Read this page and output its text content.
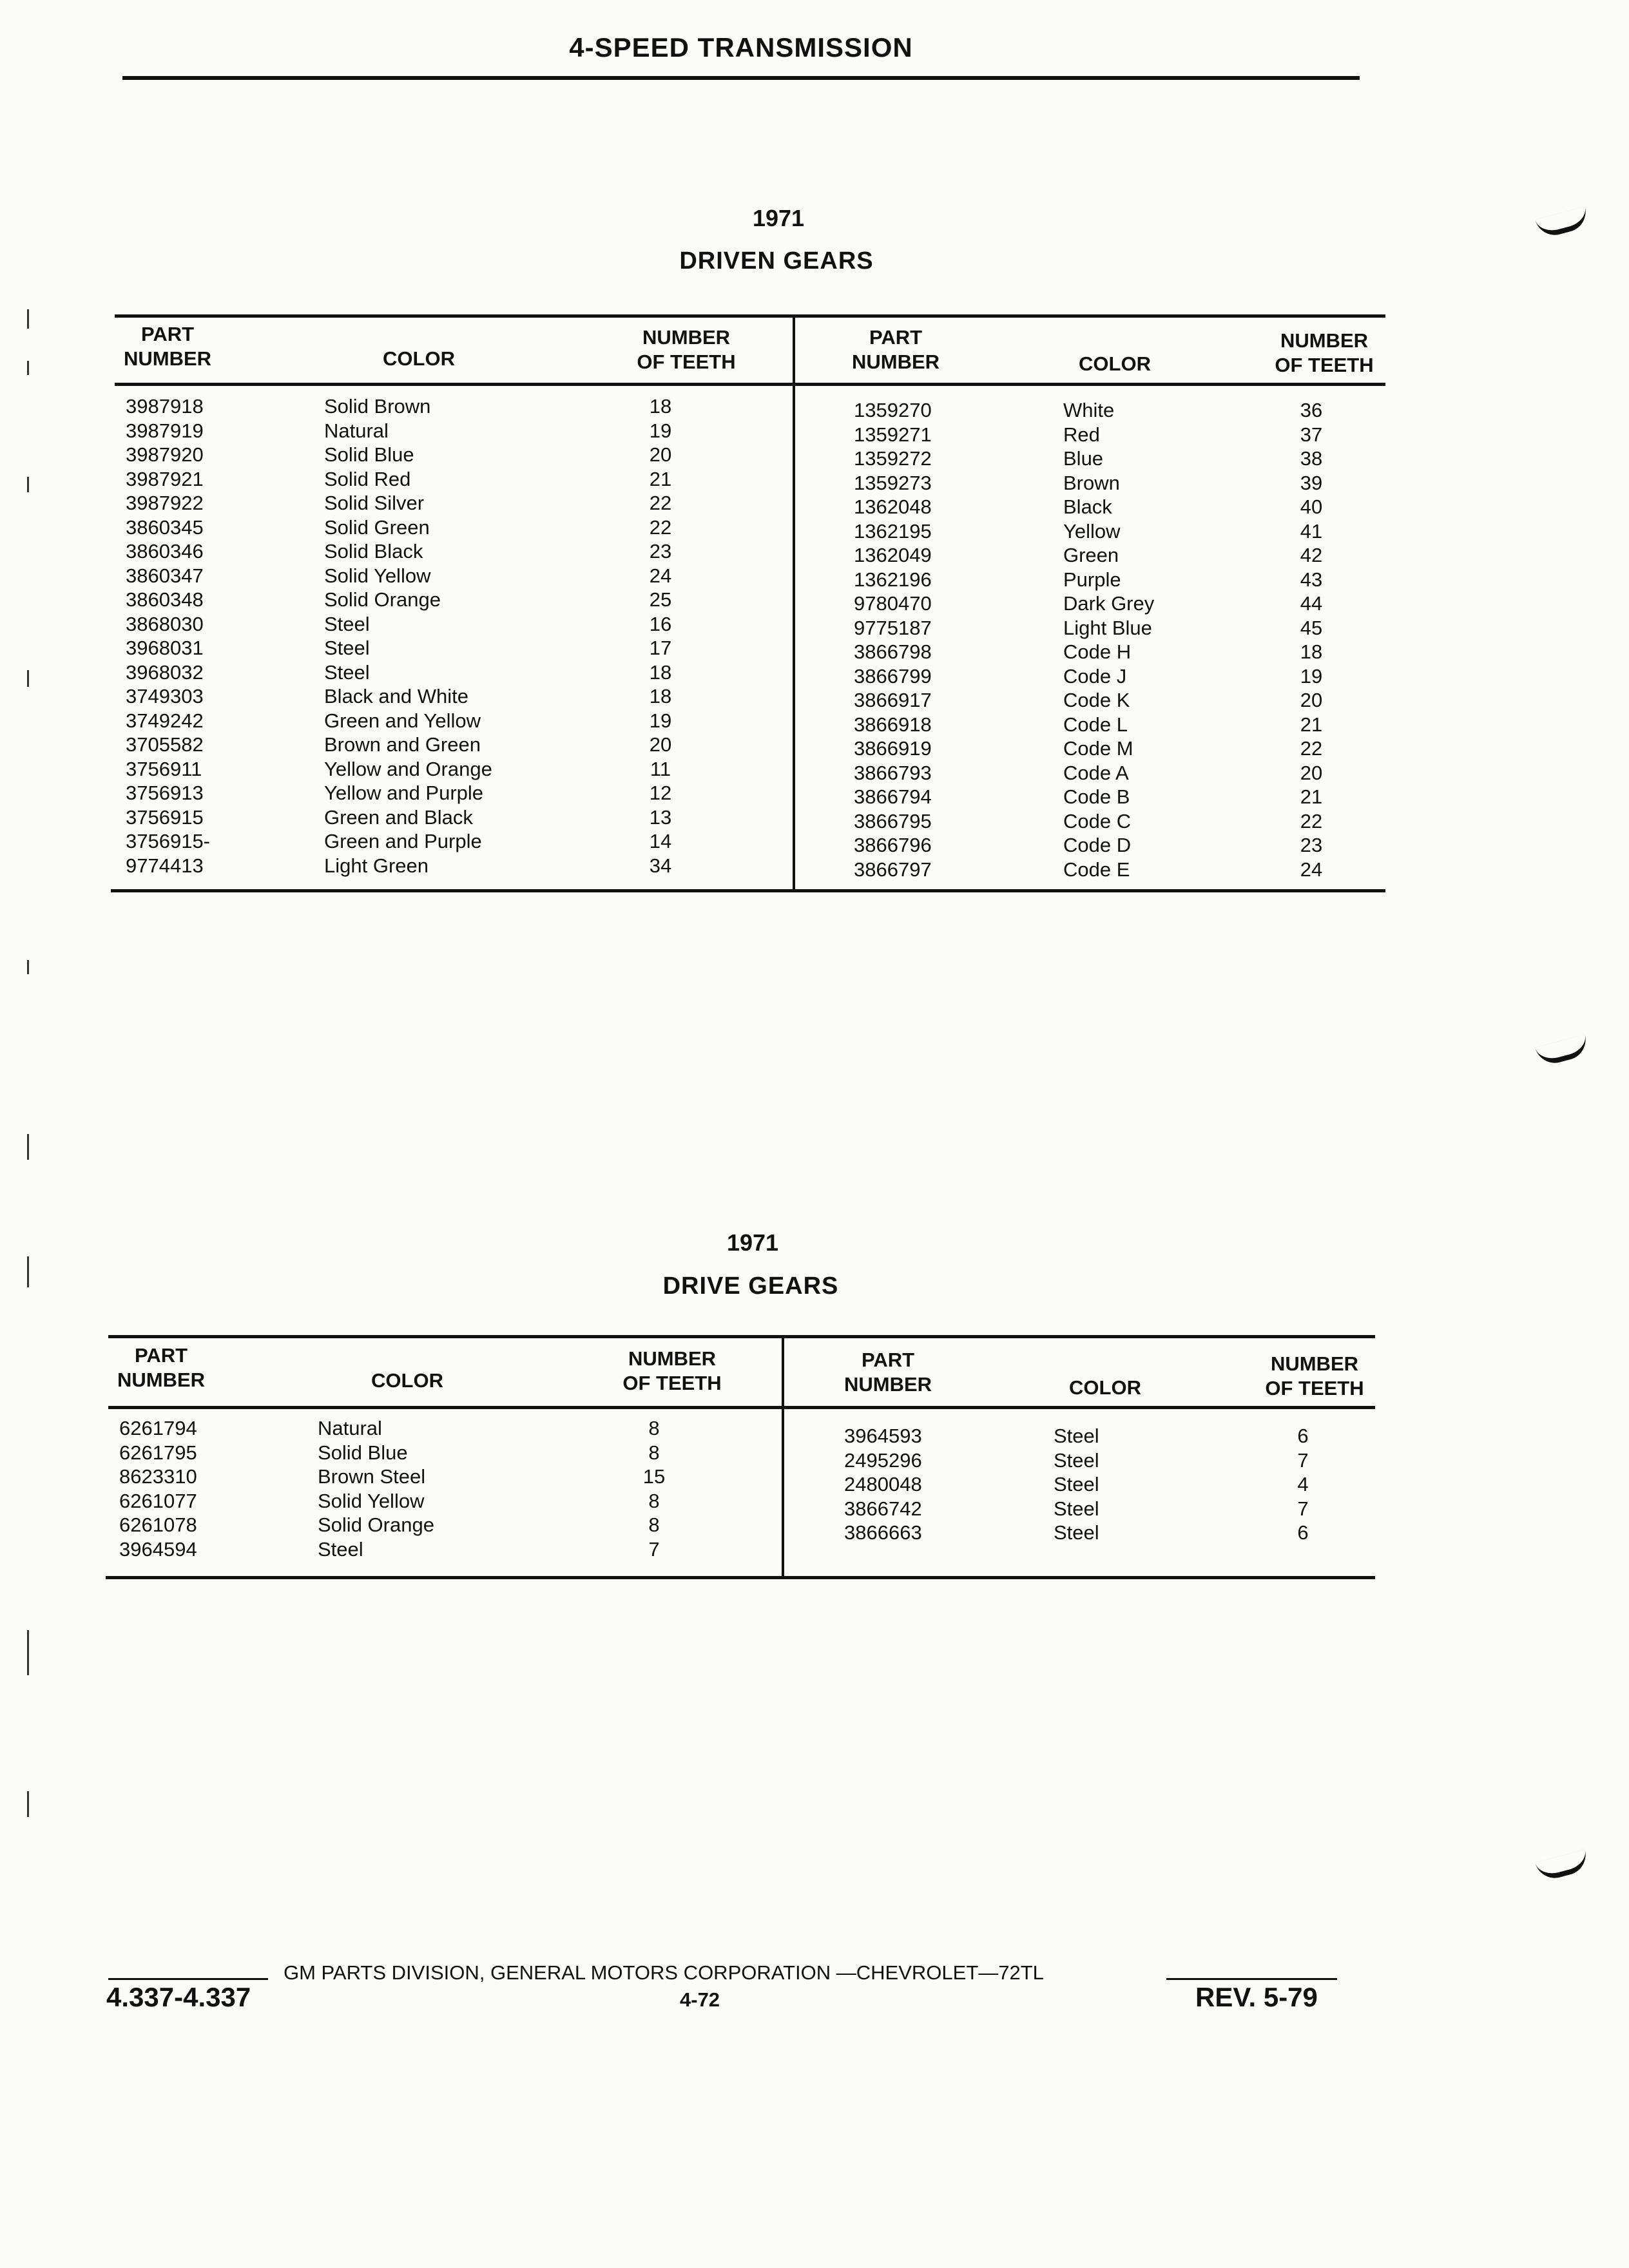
4-SPEED TRANSMISSION
1971
DRIVEN GEARS
PART
NUMBER	COLOR
NUMBER
OF TEETH
PART
NUMBER	COLOR
NUMBER
OF TEETH
3987918	Solid Brown	18
3987919	Natural	19
3987920	Solid Blue	20
3987921	Solid Red	21
3987922	Solid Silver	22
3860345	Solid Green	22
3860346	Solid Black	23
3860347	Solid Yellow	24
3860348	Solid Orange	25
3868030	Steel	16
3968031	Steel	17
3968032	Steel	18
3749303	Black and White	18
3749242	Green and Yellow	19
3705582	Brown and Green	20
3756911	Yellow and Orange	11
3756913	Yellow and Purple	12
3756915	Green and Black	13
3756915-	Green and Purple	14
9774413	Light Green	34
1359270	White	36
1359271	Red	37
1359272	Blue	38
1359273	Brown	39
1362048	Black	40
1362195	Yellow	41
1362049	Green	42
1362196	Purple	43
9780470	Dark Grey	44
9775187	Light Blue	45
3866798	Code H	18
3866799	Code J	19
3866917	Code K	20
3866918	Code L	21
3866919	Code M	22
3866793	Code A	20
3866794	Code B	21
3866795	Code C	22
3866796	Code D	23
3866797	Code E	24
1971
DRIVE GEARS
PART
NUMBER	COLOR
NUMBER
OF TEETH
PART
NUMBER	COLOR
NUMBER
OF TEETH
6261794	Natural	8
6261795	Solid Blue	8
8623310	Brown Steel	15
6261077	Solid Yellow	8
6261078	Solid Orange	8
3964594	Steel	7
3964593	Steel	6
2495296	Steel	7
2480048	Steel	4
3866742	Steel	7
3866663	Steel	6
4.337-4.337
GM PARTS DIVISION, GENERAL MOTORS CORPORATION —CHEVROLET—72TL
4-72	REV. 5-79
